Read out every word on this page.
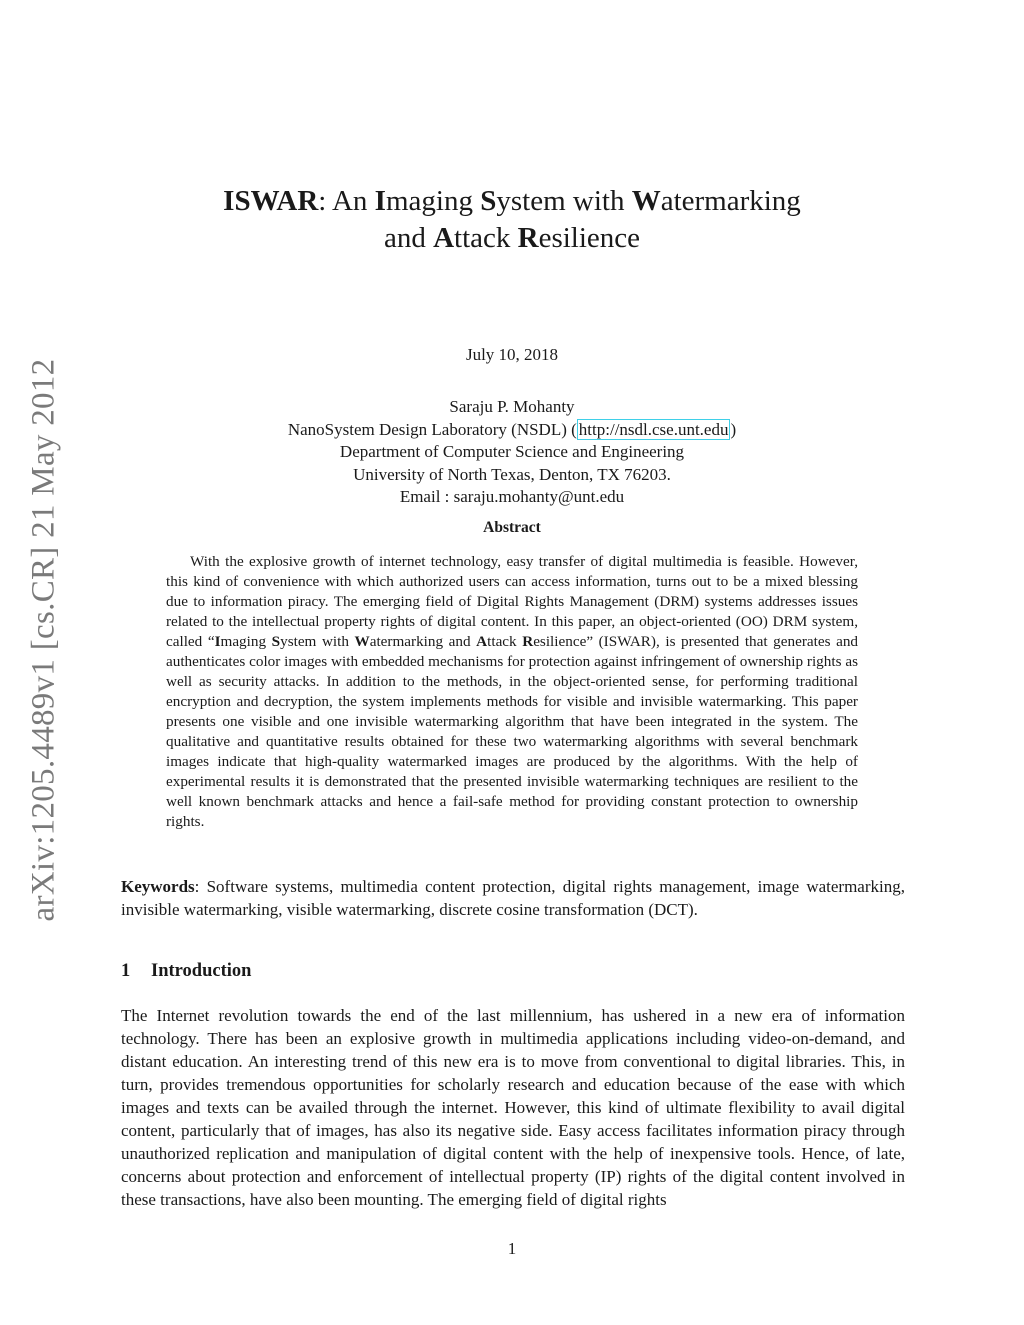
arXiv:1205.4489v1 [cs.CR] 21 May 2012
ISWAR: An Imaging System with Watermarking
and Attack Resilience
July 10, 2018
Saraju P. Mohanty
NanoSystem Design Laboratory (NSDL) ( http://nsdl.cse.unt.edu )
Department of Computer Science and Engineering
University of North Texas, Denton, TX 76203.
Email : saraju.mohanty@unt.edu
Abstract

With the explosive growth of internet technology, easy transfer of digital multimedia is feasible. However, this kind of convenience with which authorized users can access information, turns out to be a mixed blessing due to information piracy. The emerging field of Digital Rights Management (DRM) systems addresses issues related to the intellectual property rights of digital content. In this paper, an object-oriented (OO) DRM system, called “Imaging System with Watermarking and Attack Resilience” (ISWAR), is presented that generates and authenticates color images with embedded mechanisms for protection against infringement of ownership rights as well as security attacks. In addition to the methods, in the object-oriented sense, for performing traditional encryption and decryption, the system implements methods for visible and invisible watermarking. This paper presents one visible and one invisible watermarking algorithm that have been integrated in the system. The qualitative and quantitative results obtained for these two watermarking algorithms with several benchmark images indicate that high-quality watermarked images are produced by the algorithms. With the help of experimental results it is demonstrated that the presented invisible watermarking techniques are resilient to the well known benchmark attacks and hence a fail-safe method for providing constant protection to ownership rights.

Keywords: Software systems, multimedia content protection, digital rights management, image watermarking, invisible watermarking, visible watermarking, discrete cosine transformation (DCT).

1 Introduction

The Internet revolution towards the end of the last millennium, has ushered in a new era of information technology. There has been an explosive growth in multimedia applications including video-on-demand, and distant education. An interesting trend of this new era is to move from conventional to digital libraries. This, in turn, provides tremendous opportunities for scholarly research and education because of the ease with which images and texts can be availed through the internet. However, this kind of ultimate flexibility to avail digital content, particularly that of images, has also its negative side. Easy access facilitates information piracy through unauthorized replication and manipulation of digital content with the help of inexpensive tools. Hence, of late, concerns about protection and enforcement of intellectual property (IP) rights of the digital content involved in these transactions, have also been mounting. The emerging field of digital rights

1
